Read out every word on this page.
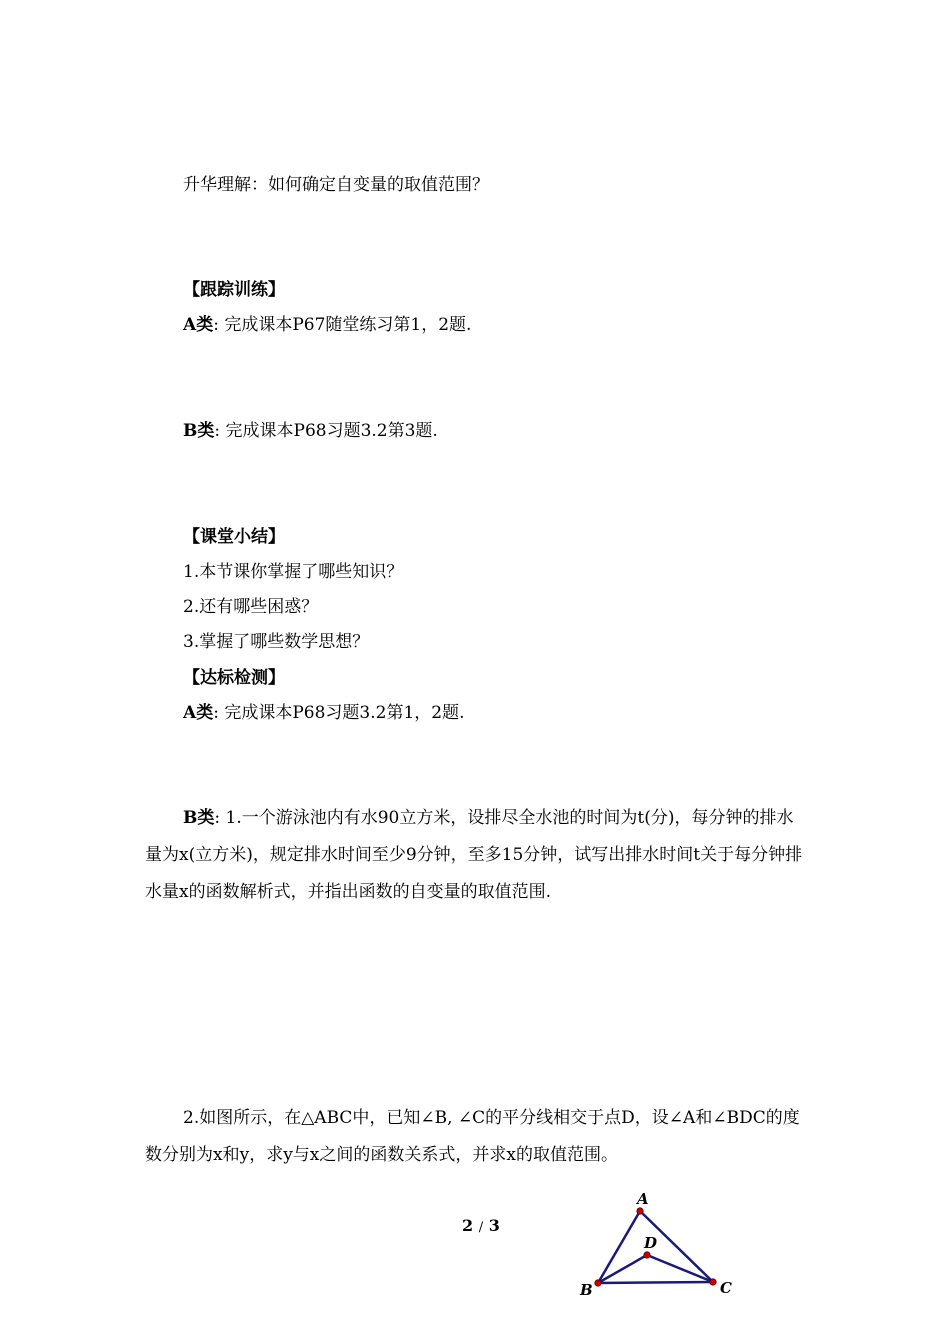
升华理解：如何确定自变量的取值范围？
【跟踪训练】
A类: 完成课本P67随堂练习第1，2题.
B类: 完成课本P68习题3.2第3题.
【课堂小结】
1.本节课你掌握了哪些知识？
2.还有哪些困惑？
3.掌握了哪些数学思想？
【达标检测】
A类: 完成课本P68习题3.2第1，2题.
B类: 1.一个游泳池内有水90立方米，设排尽全水池的时间为t(分)，每分钟的排水量为x(立方米)，规定排水时间至少9分钟，至多15分钟，试写出排水时间t关于每分钟排水量x的函数解析式，并指出函数的自变量的取值范围.
2.如图所示，在△ABC中，已知∠B, ∠C的平分线相交于点D，设∠A和∠BDC的度数分别为x和y，求y与x之间的函数关系式，并求x的取值范围。
2 / 3
A
B	C
D
